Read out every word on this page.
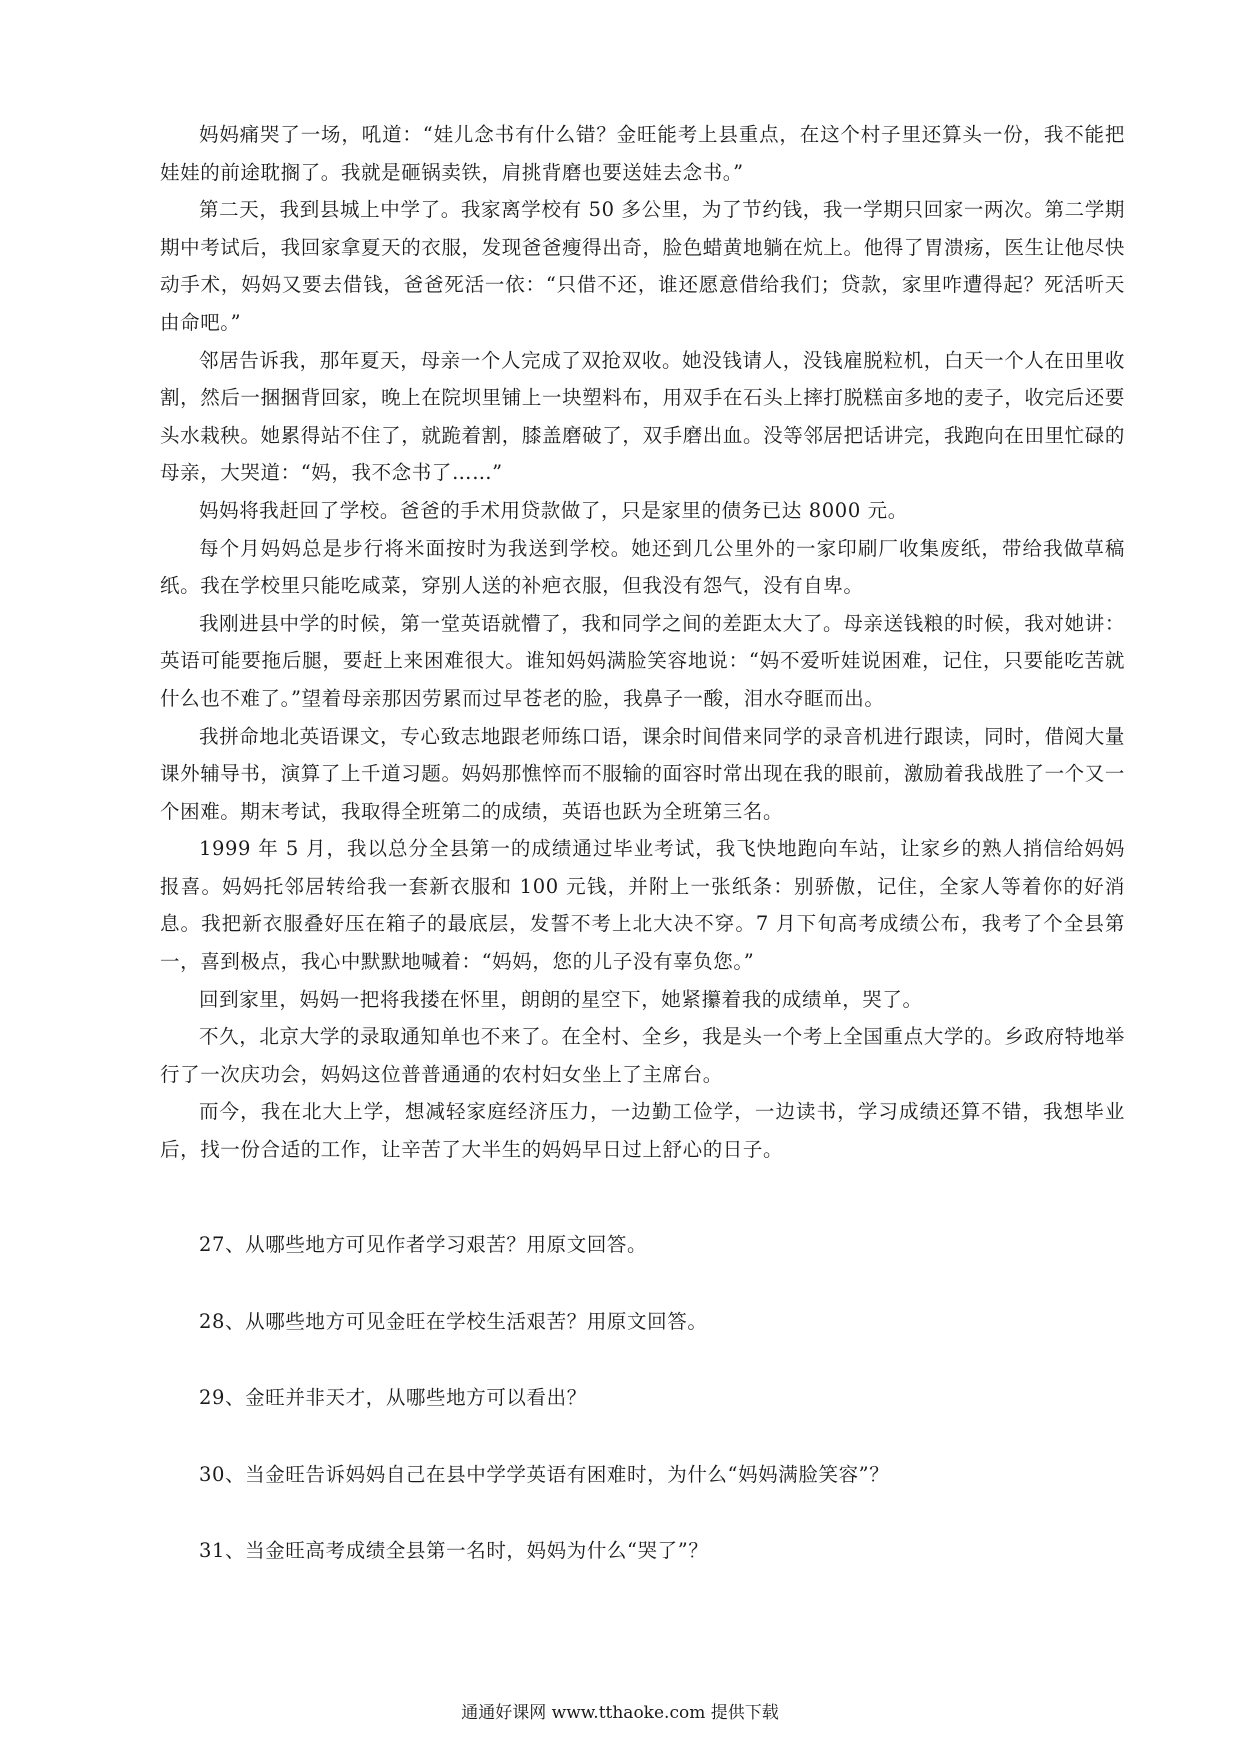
妈妈痛哭了一场，吼道：“娃儿念书有什么错？金旺能考上县重点，在这个村子里还算头一份，我不能把娃娃的前途耽搁了。我就是砸锅卖铁，肩挑背磨也要送娃去念书。”

第二天，我到县城上中学了。我家离学校有 50 多公里，为了节约钱，我一学期只回家一两次。第二学期期中考试后，我回家拿夏天的衣服，发现爸爸瘦得出奇，脸色蜡黄地躺在炕上。他得了胃溃疡，医生让他尽快动手术，妈妈又要去借钱，爸爸死活一依：“只借不还，谁还愿意借给我们；贷款，家里咋遭得起？死活听天由命吧。”

邻居告诉我，那年夏天，母亲一个人完成了双抢双收。她没钱请人，没钱雇脱粒机，白天一个人在田里收割，然后一捆捆背回家，晚上在院坝里铺上一块塑料布，用双手在石头上摔打脱糕亩多地的麦子，收完后还要头水栽秧。她累得站不住了，就跪着割，膝盖磨破了，双手磨出血。没等邻居把话讲完，我跑向在田里忙碌的母亲，大哭道：“妈，我不念书了……”

妈妈将我赶回了学校。爸爸的手术用贷款做了，只是家里的债务已达 8000 元。

每个月妈妈总是步行将米面按时为我送到学校。她还到几公里外的一家印刷厂收集废纸，带给我做草稿纸。我在学校里只能吃咸菜，穿别人送的补疤衣服，但我没有怨气，没有自卑。

我刚进县中学的时候，第一堂英语就懵了，我和同学之间的差距太大了。母亲送钱粮的时候，我对她讲：英语可能要拖后腿，要赶上来困难很大。谁知妈妈满脸笑容地说：“妈不爱听娃说困难，记住，只要能吃苦就什么也不难了。”望着母亲那因劳累而过早苍老的脸，我鼻子一酸，泪水夺眶而出。

我拼命地北英语课文，专心致志地跟老师练口语，课余时间借来同学的录音机进行跟读，同时，借阅大量课外辅导书，演算了上千道习题。妈妈那憔悴而不服输的面容时常出现在我的眼前，激励着我战胜了一个又一个困难。期末考试，我取得全班第二的成绩，英语也跃为全班第三名。

1999 年 5 月，我以总分全县第一的成绩通过毕业考试，我飞快地跑向车站，让家乡的熟人捎信给妈妈报喜。妈妈托邻居转给我一套新衣服和 100 元钱，并附上一张纸条：别骄傲，记住，全家人等着你的好消息。我把新衣服叠好压在箱子的最底层，发誓不考上北大决不穿。7 月下旬高考成绩公布，我考了个全县第一，喜到极点，我心中默默地喊着：“妈妈，您的儿子没有辜负您。”

回到家里，妈妈一把将我搂在怀里，朗朗的星空下，她紧攥着我的成绩单，哭了。

不久，北京大学的录取通知单也不来了。在全村、全乡，我是头一个考上全国重点大学的。乡政府特地举行了一次庆功会，妈妈这位普普通通的农村妇女坐上了主席台。

而今，我在北大上学，想减轻家庭经济压力，一边勤工俭学，一边读书，学习成绩还算不错，我想毕业后，找一份合适的工作，让辛苦了大半生的妈妈早日过上舒心的日子。

27、从哪些地方可见作者学习艰苦？用原文回答。

28、从哪些地方可见金旺在学校生活艰苦？用原文回答。

29、金旺并非天才，从哪些地方可以看出？

30、当金旺告诉妈妈自己在县中学学英语有困难时，为什么“妈妈满脸笑容”？

31、当金旺高考成绩全县第一名时，妈妈为什么“哭了”？

通通好课网 www.tthaoke.com 提供下载
